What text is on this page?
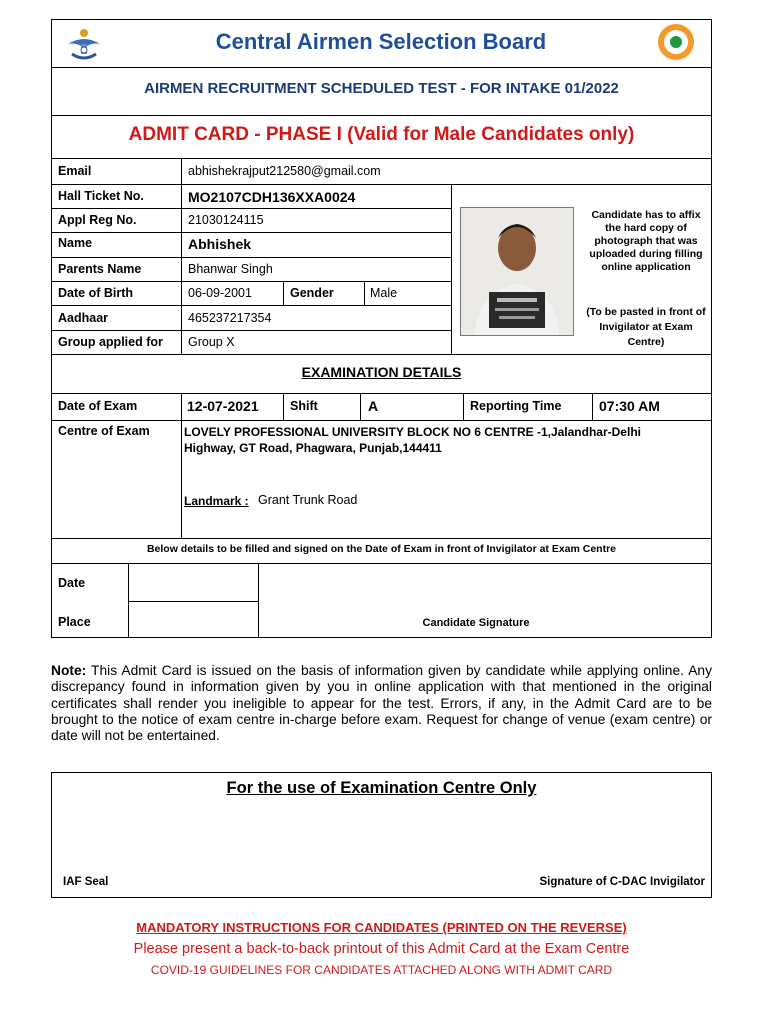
Central Airmen Selection Board
AIRMEN RECRUITMENT SCHEDULED TEST - FOR INTAKE 01/2022
ADMIT CARD - PHASE I (Valid for Male Candidates only)
Email	abhishekrajput212580@gmail.com
Hall Ticket No.	MO2107CDH136XXA0024
Appl Reg No.	21030124115
Name	Abhishek
Parents Name	Bhanwar Singh
Date of Birth	06-09-2001	Gender	Male
Aadhaar	465237217354
Group applied for Group X
Candidate has to affix the hard copy of photograph that was uploaded during filling online application
(To be pasted in front of Invigilator at Exam Centre)
EXAMINATION DETAILS
Date of Exam	12-07-2021	Shift	A	Reporting Time	07:30 AM
Centre of Exam	LOVELY PROFESSIONAL UNIVERSITY BLOCK NO 6 CENTRE -1,Jalandhar-Delhi Highway, GT Road, Phagwara, Punjab,144411
Landmark : Grant Trunk Road
Below details to be filled and signed on the Date of Exam in front of Invigilator at Exam Centre
Date
Place	Candidate Signature
Note: This Admit Card is issued on the basis of information given by candidate while applying online. Any discrepancy found in information given by you in online application with that mentioned in the original certificates shall render you ineligible to appear for the test. Errors, if any, in the Admit Card are to be brought to the notice of exam centre in-charge before exam. Request for change of venue (exam centre) or date will not be entertained.
For the use of Examination Centre Only
IAF Seal	Signature of C-DAC Invigilator
MANDATORY INSTRUCTIONS FOR CANDIDATES (PRINTED ON THE REVERSE)
Please present a back-to-back printout of this Admit Card at the Exam Centre
COVID-19 GUIDELINES FOR CANDIDATES ATTACHED ALONG WITH ADMIT CARD
